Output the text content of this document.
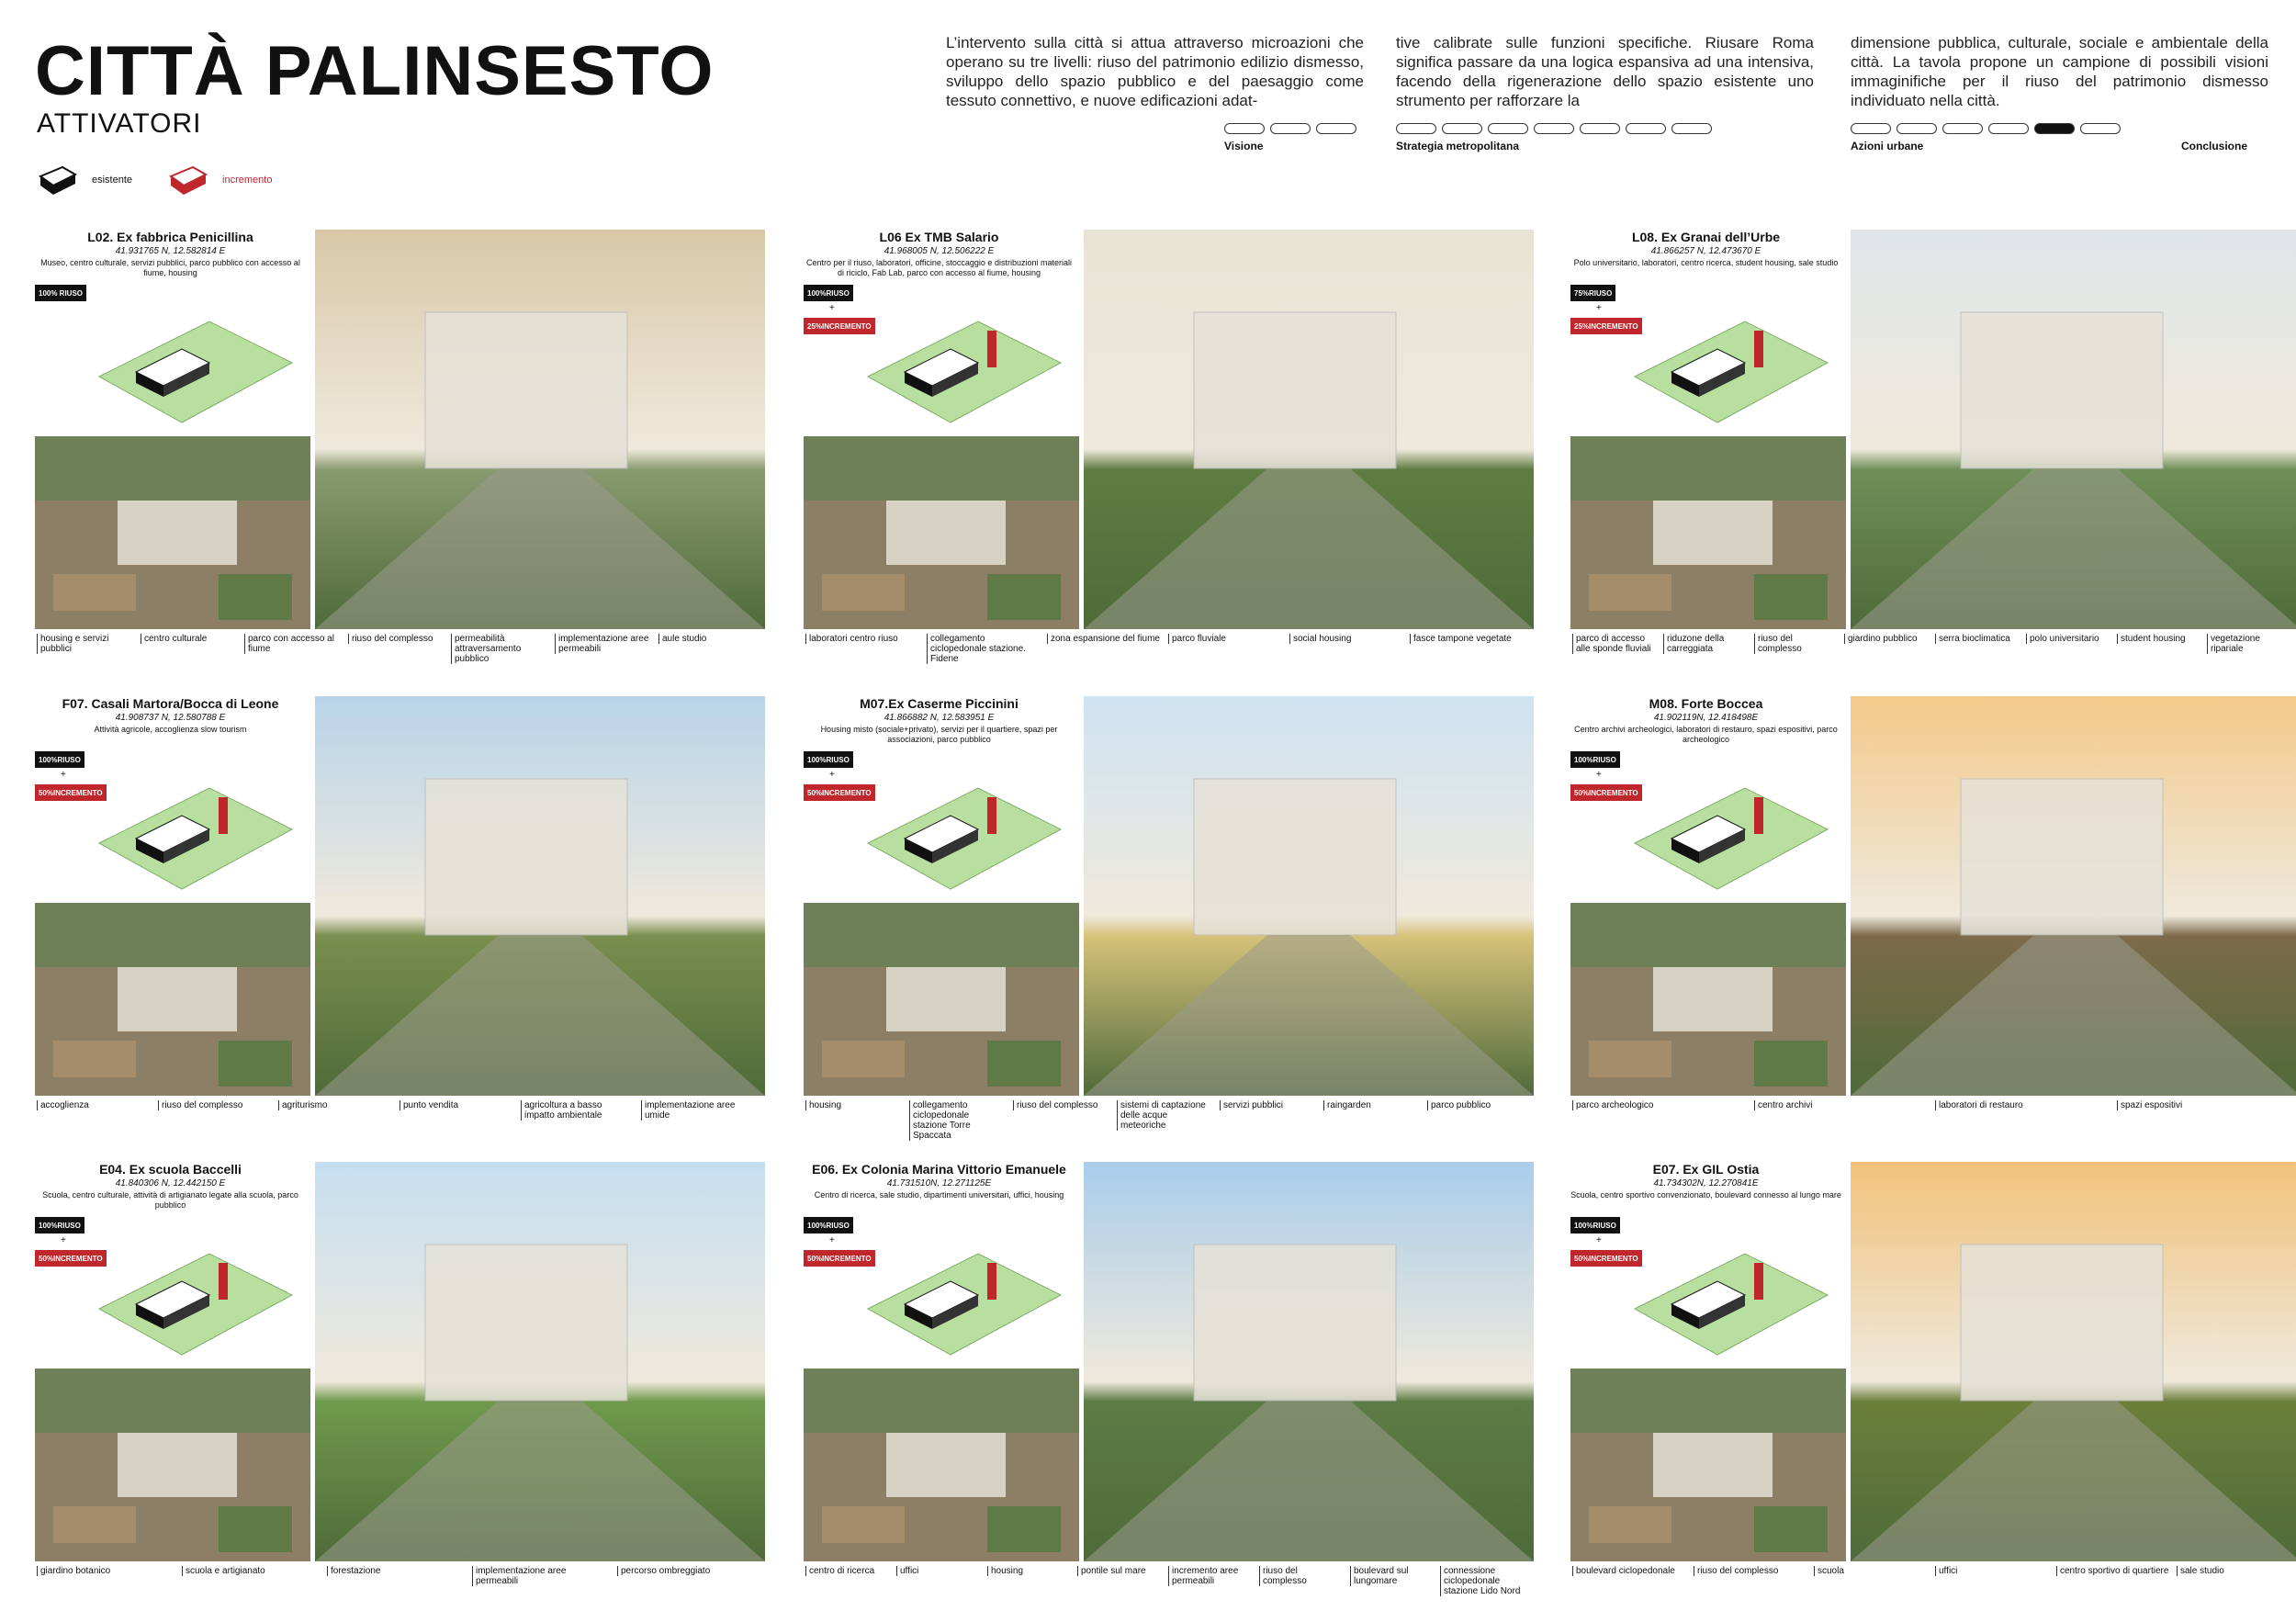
CITTÀ PALINSESTO
ATTIVATORI
esistente	incremento

L’intervento sulla città si attua attraverso microazioni che operano su tre livelli: riuso del patrimonio edilizio dismesso, sviluppo dello spazio pubblico e del paesaggio come tessuto connettivo, e nuove edificazioni adat-

tive calibrate sulle funzioni specifiche. Riusare Roma significa passare da una logica espansiva ad una intensiva, facendo della rigenerazione dello spazio esistente uno strumento per rafforzare la

dimensione pubblica, culturale, sociale e ambientale della città. La tavola propone un campione di possibili visioni immaginifiche per il riuso del patrimonio dismesso individuato nella città.

Visione	Strategia metropolitana	Azioni urbane	Conclusione
L02. Ex fabbrica Penicillina
41.931765 N, 12.582814 E
Museo, centro culturale, servizi pubblici, parco pubblico con accesso al fiume, housing
100% RIUSO
housing e servizi pubblici
centro culturale	parco con accesso al fiume
riuso del complesso	permeabilità attraversamento pubblico
implementazione aree permeabili
aule studio
L06 Ex TMB Salario
41.968005 N, 12.506222 E
Centro per il riuso, laboratori, officine, stoccaggio e distribuzioni materiali di riciclo, Fab Lab, parco con accesso al fiume, housing
100%RIUSO
+
25%INCREMENTO
laboratori centro riuso	collegamento ciclopedonale stazione. Fidene
zona espansione del fiume	parco fluviale	social housing	fasce tampone vegetate
L08. Ex Granai dell’Urbe
41.866257 N, 12.473670 E
Polo universitario, laboratori, centro ricerca, student housing, sale studio
75%RIUSO
+
25%INCREMENTO
parco di accesso alle sponde fluviali
riduzone della carreggiata
riuso del complesso
giardino pubblico	serra bioclimatica	polo universitario	student housing	vegetazione ripariale
F07. Casali Martora/Bocca di Leone
41.908737 N, 12.580788 E
Attività agricole, accoglienza slow tourism
100%RIUSO
+
50%INCREMENTO
accoglienza	riuso del complesso	agriturismo	punto vendita	agricoltura a basso impatto ambientale
implementazione aree umide
M07.Ex Caserme Piccinini
41.866882 N, 12.583951 E
Housing misto (sociale+privato), servizi per il quartiere, spazi per associazioni, parco pubblico
100%RIUSO
+
50%INCREMENTO
housing	collegamento ciclopedonale stazione Torre Spaccata
riuso del complesso	sistemi di captazione delle acque meteoriche
servizi pubblici	raingarden	parco pubblico
M08. Forte Boccea
41.902119N, 12.418498E
Centro archivi archeologici, laboratori di restauro, spazi espositivi, parco archeologico
100%RIUSO
+
50%INCREMENTO
parco archeologico	centro archivi	laboratori di restauro	spazi espositivi
E04. Ex scuola Baccelli
41.840306 N, 12.442150 E
Scuola, centro culturale, attività di artigianato legate alla scuola, parco pubblico
100%RIUSO
+
50%INCREMENTO
giardino botanico	scuola e artigianato	forestazione	implementazione aree permeabili
percorso ombreggiato
E06. Ex Colonia Marina Vittorio Emanuele
41.731510N, 12.271125E
Centro di ricerca, sale studio, dipartimenti universitari, uffici, housing
100%RIUSO
+
50%INCREMENTO
centro di ricerca	uffici	housing	pontile sul mare	incremento aree permeabili
riuso del complesso
boulevard sul lungomare
connessione ciclopedonale stazione Lido Nord
E07. Ex GIL Ostia
41.734302N, 12.270841E
Scuola, centro sportivo convenzionato, boulevard connesso al lungo mare
100%RIUSO
+
50%INCREMENTO
boulevard ciclopedonale	riuso del complesso	scuola	uffici	centro sportivo di quartiere	sale studio
